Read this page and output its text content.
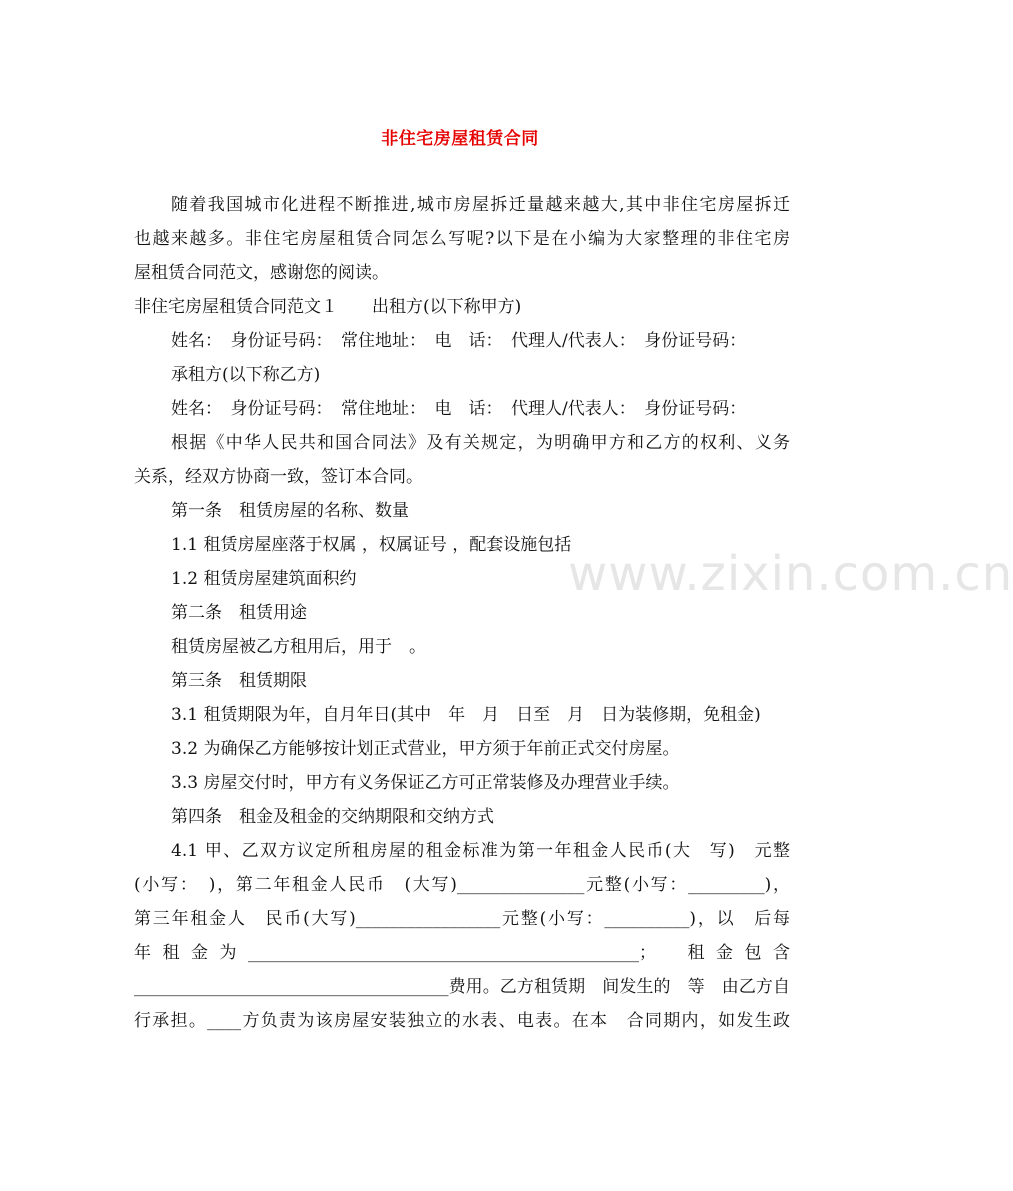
非住宅房屋租赁合同
www.zixin.com.cn
随着我国城市化进程不断推进,城市房屋拆迁量越来越大,其中非住宅房屋拆迁
也越来越多。非住宅房屋租赁合同怎么写呢?以下是在小编为大家整理的非住宅房
屋租赁合同范文，感谢您的阅读。
非住宅房屋租赁合同范文１　　出租方(以下称甲方)
姓名：　身份证号码：　常住地址：　电　话：　代理人/代表人：　身份证号码：
承租方(以下称乙方)
姓名：　身份证号码：　常住地址：　电　话：　代理人/代表人：　身份证号码：
根据《中华人民共和国合同法》及有关规定，为明确甲方和乙方的权利、义务
关系，经双方协商一致，签订本合同。
第一条　租赁房屋的名称、数量
1.1 租赁房屋座落于权属 ，权属证号 ，配套设施包括
1.2 租赁房屋建筑面积约
第二条　租赁用途
租赁房屋被乙方租用后，用于　。
第三条　租赁期限
3.1 租赁期限为年，自月年日(其中　年　月　日至　月　日为装修期，免租金)
3.2 为确保乙方能够按计划正式营业，甲方须于年前正式交付房屋。
3.3 房屋交付时，甲方有义务保证乙方可正常装修及办理营业手续。
第四条　租金及租金的交纳期限和交纳方式
4.1 甲、乙双方议定所租房屋的租金标准为第一年租金人民币(大　写)　元整
(小写：　)，第二年租金人民币　(大写)_______________元整(小写：_________)，
第三年租金人　民币(大写)_________________元整(小写：__________)，以　后每
年租金为______________________________________________；　租金包含
_____________________________________费用。乙方租赁期　间发生的　等　由乙方自
行承担。____方负责为该房屋安装独立的水表、电表。在本　合同期内，如发生政
